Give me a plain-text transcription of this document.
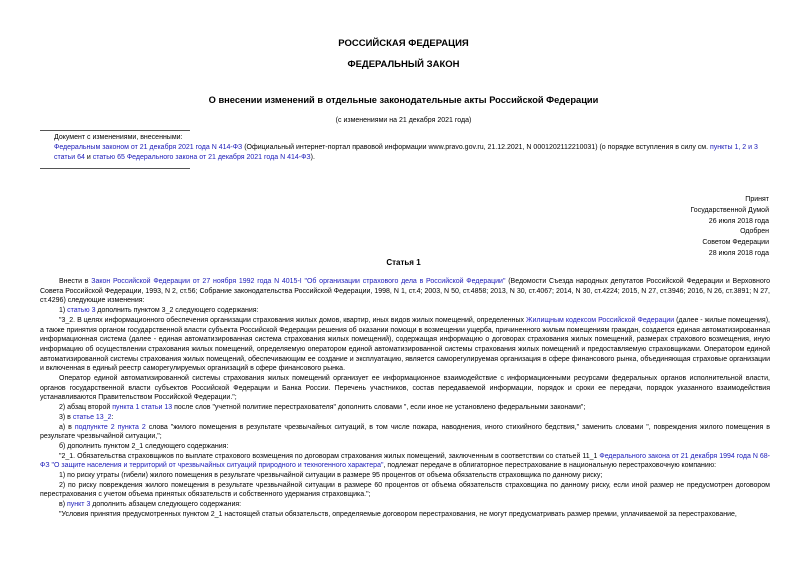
РОССИЙСКАЯ ФЕДЕРАЦИЯ
ФЕДЕРАЛЬНЫЙ ЗАКОН
О внесении изменений в отдельные законодательные акты Российской Федерации
(с изменениями на 21 декабря 2021 года)
Документ с изменениями, внесенными:
Федеральным законом от 21 декабря 2021 года N 414-ФЗ (Официальный интернет-портал правовой информации www.pravo.gov.ru, 21.12.2021, N 0001202112210031) (о порядке вступления в силу см. пункты 1, 2 и 3 статьи 64 и статью 65 Федерального закона от 21 декабря 2021 года N 414-ФЗ).
Принят
Государственной Думой
26 июля 2018 года
Одобрен
Советом Федерации
28 июля 2018 года
Статья 1

Внести в Закон Российской Федерации от 27 ноября 1992 года N 4015-I "Об организации страхового дела в Российской Федерации" (Ведомости Съезда народных депутатов Российской Федерации и Верховного Совета Российской Федерации, 1993, N 2, ст.56; Собрание законодательства Российской Федерации, 1998, N 1, ст.4; 2003, N 50, ст.4858; 2013, N 30, ст.4067; 2014, N 30, ст.4224; 2015, N 27, ст.3946; 2016, N 26, ст.3891; N 27, ст.4296) следующие изменения:

1) статью 3 дополнить пунктом 3_2 следующего содержания:

"3_2. В целях информационного обеспечения организации страхования жилых домов, квартир, иных видов жилых помещений, определенных Жилищным кодексом Российской Федерации (далее - жилые помещения), а также принятия органом государственной власти субъекта Российской Федерации решения об оказании помощи в возмещении ущерба, причиненного жилым помещениям граждан, создается единая автоматизированная информационная система (далее - единая автоматизированная система страхования жилых помещений), содержащая информацию о договорах страхования жилых помещений, размерах страхового возмещения, иную информацию об осуществлении страхования жилых помещений, определяемую оператором единой автоматизированной системы страхования жилых помещений и предоставляемую страховщиками. Оператором единой автоматизированной системы страхования жилых помещений, обеспечивающим ее создание и эксплуатацию, является саморегулируемая организация в сфере финансового рынка, объединяющая страховые организации и включенная в единый реестр саморегулируемых организаций в сфере финансового рынка.

Оператор единой автоматизированной системы страхования жилых помещений организует ее информационное взаимодействие с информационными ресурсами федеральных органов исполнительной власти, органов государственной власти субъектов Российской Федерации и Банка России. Перечень участников, состав передаваемой информации, порядок и сроки ее передачи, порядок указанного взаимодействия устанавливаются Правительством Российской Федерации.";

2) абзац второй пункта 1 статьи 13 после слов "учетной политике перестрахователя" дополнить словами ", если иное не установлено федеральными законами";

3) в статье 13_2:

а) в подпункте 2 пункта 2 слова "жилого помещения в результате чрезвычайных ситуаций, в том числе пожара, наводнения, иного стихийного бедствия," заменить словами ", повреждения жилого помещения в результате чрезвычайной ситуации,";

б) дополнить пунктом 2_1 следующего содержания:

"2_1. Обязательства страховщиков по выплате страхового возмещения по договорам страхования жилых помещений, заключенным в соответствии со статьей 11_1 Федерального закона от 21 декабря 1994 года N 68-ФЗ "О защите населения и территорий от чрезвычайных ситуаций природного и техногенного характера", подлежат передаче в облигаторное перестрахование в национальную перестраховочную компанию:

1) по риску утраты (гибели) жилого помещения в результате чрезвычайной ситуации в размере 95 процентов от объема обязательств страховщика по данному риску;

2) по риску повреждения жилого помещения в результате чрезвычайной ситуации в размере 60 процентов от объема обязательств страховщика по данному риску, если иной размер не предусмотрен договором перестрахования с учетом объема принятых обязательств и собственного удержания страховщика.";

в) пункт 3 дополнить абзацем следующего содержания:

"Условия принятия предусмотренных пунктом 2_1 настоящей статьи обязательств, определяемые договором перестрахования, не могут предусматривать размер премии, уплачиваемой за перестрахование,
